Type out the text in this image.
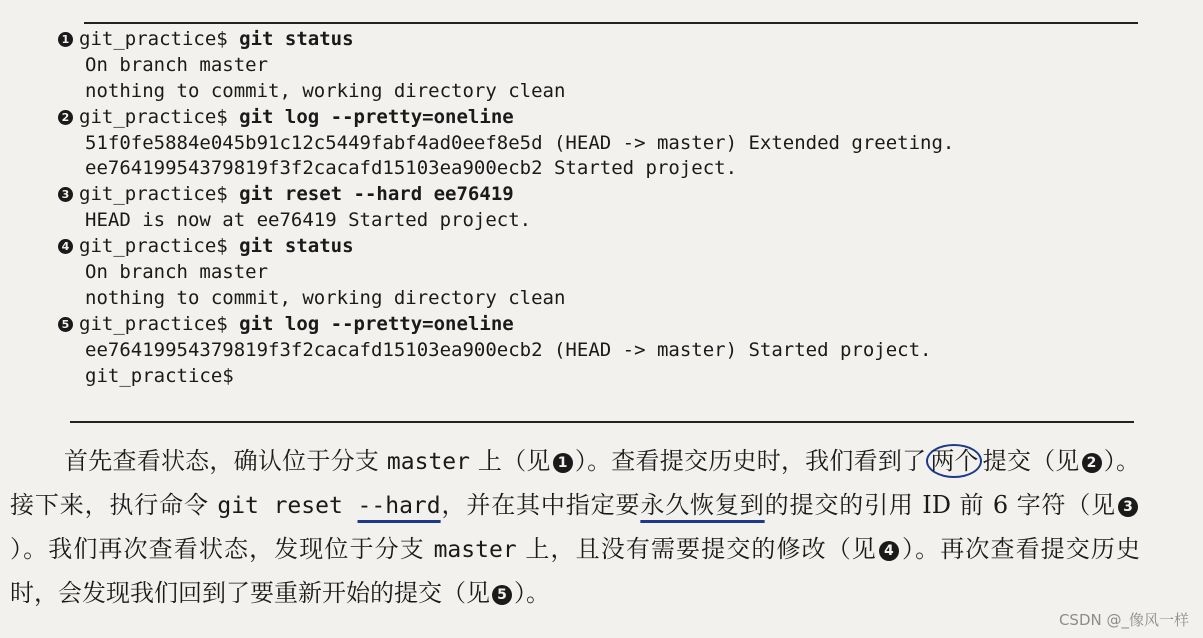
1 git_practice$ git status
On branch master
nothing to commit, working directory clean
2 git_practice$ git log --pretty=oneline
51f0fe5884e045b91c12c5449fabf4ad0eef8e5d (HEAD -> master) Extended greeting.
ee76419954379819f3f2cacafd15103ea900ecb2 Started project.
3 git_practice$ git reset --hard ee76419
HEAD is now at ee76419 Started project.
4 git_practice$ git status
On branch master
nothing to commit, working directory clean
5 git_practice$ git log --pretty=oneline
ee76419954379819f3f2cacafd15103ea900ecb2 (HEAD -> master) Started project.
git_practice$

首先查看状态，确认位于分支 master 上（见 1 ）。查看提交历史时，我们看到了 两个 提交（见 2 ）。接下来，执行命令 git reset --hard，并在其中指定要永久恢复到的提交的引用 ID 前 6 字符（见 3）。我们再次查看状态，发现位于分支 master 上，且没有需要提交的修改（见 4 ）。再次查看提交历史时，会发现我们回到了要重新开始的提交（见 5 ）。

CSDN @_像风一样
